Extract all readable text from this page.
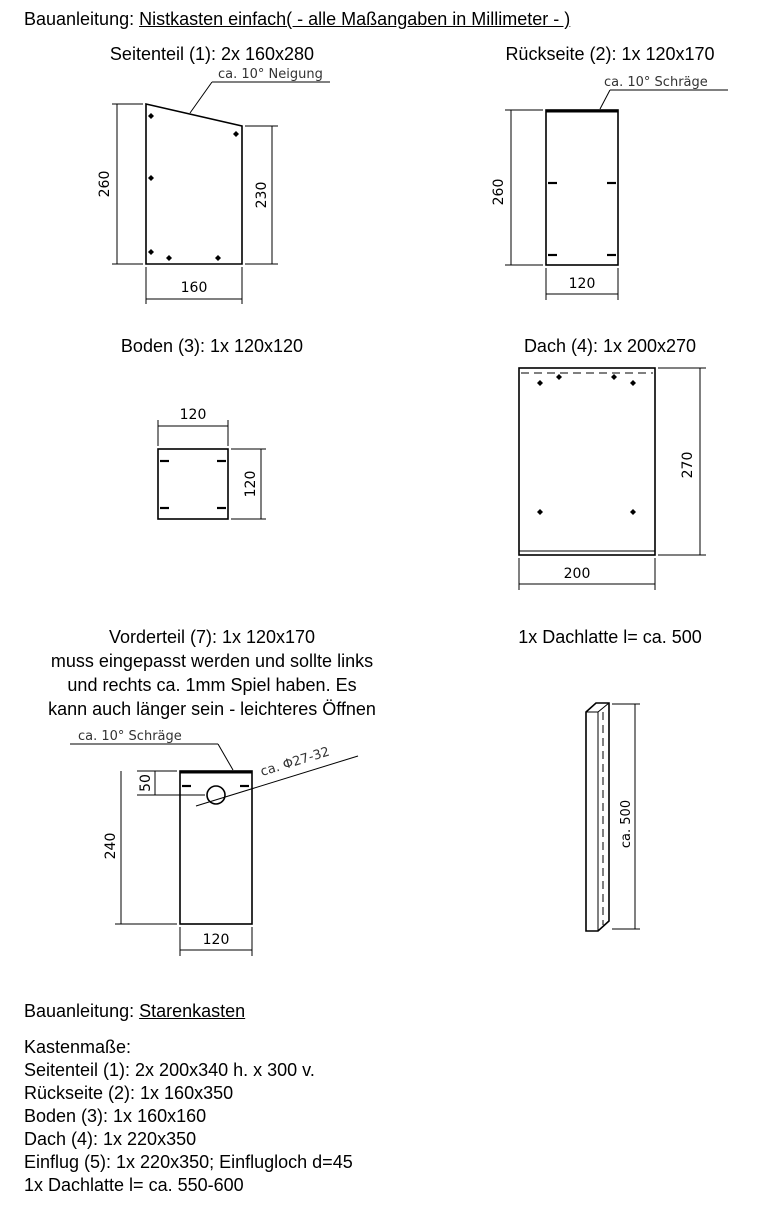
Bauanleitung: Nistkasten einfach( - alle Maßangaben in Millimeter - )
Seitenteil (1): 2x 160x280	Rückseite (2): 1x 120x170
Boden (3): 1x 120x120	Dach (4): 1x 200x270
Vorderteil (7): 1x 120x170
muss eingepasst werden und sollte links
und rechts ca. 1mm Spiel haben. Es
kann auch länger sein - leichteres Öffnen
1x Dachlatte l= ca. 500
ca. 10° Neigung
260	230
160
ca. 10° Schräge
260
120
120
120
270
200
ca. 10° Schräge
ca. Φ27-32
50
240
120
ca. 500
Bauanleitung: Starenkasten
Kastenmaße:
Seitenteil (1): 2x 200x340 h. x 300 v.
Rückseite (2): 1x 160x350
Boden (3): 1x 160x160
Dach (4): 1x 220x350
Einflug (5): 1x 220x350; Einflugloch d=45
1x Dachlatte l= ca. 550-600
